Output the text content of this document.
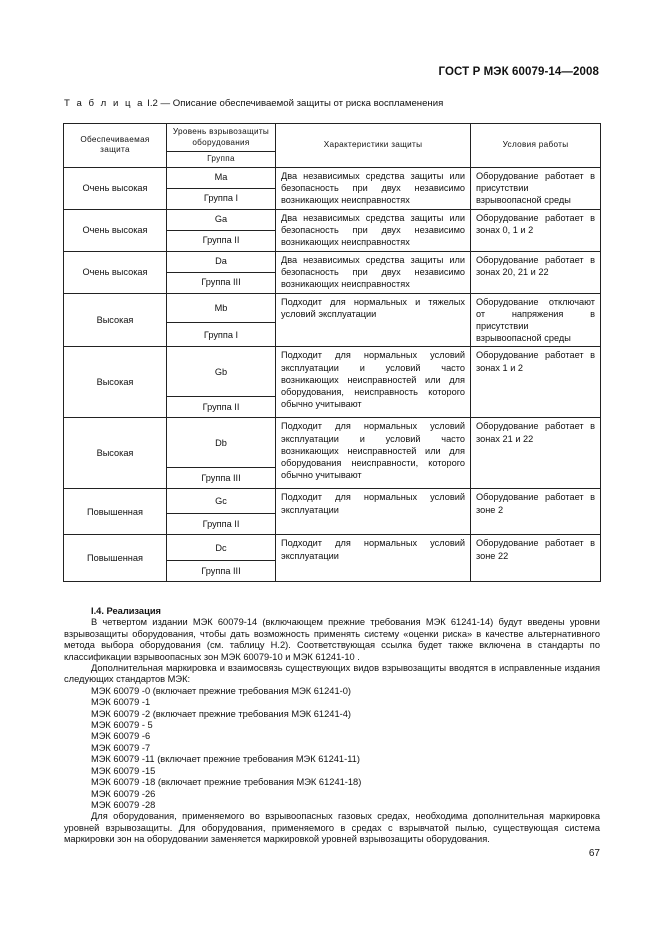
ГОСТ Р МЭК 60079-14—2008
Т а б л и ц а I.2 — Описание обеспечиваемой защиты от риска воспламенения
Обеспечиваемая защита	Уровень взрывозащиты оборудования	Характеристики защиты	Условия работы
	Группа		
Очень высокая	Ma	Два независимых средства защиты или безопасность при двух независимо возникающих неисправностях	Оборудование работает в присутствии взрывоопасной среды
	Группа I		
Очень высокая	Ga	Два независимых средства защиты или безопасность при двух независимо возникающих неисправностях	Оборудование работает в зонах 0, 1 и 2
	Группа II		
Очень высокая	Da	Два независимых средства защиты или безопасность при двух независимо возникающих неисправностях	Оборудование работает в зонах 20, 21 и 22
	Группа III		
Высокая	Mb	Подходит для нормальных и тяжелых условий эксплуатации	Оборудование отключают от напряжения в присутствии взрывоопасной среды
	Группа I		
Высокая	Gb	Подходит для нормальных условий эксплуатации и условий часто возникающих неисправностей или для оборудования, неисправность которого обычно учитывают	Оборудование работает в зонах 1 и 2
	Группа II		
Высокая	Db	Подходит для нормальных условий эксплуатации и условий часто возникающих неисправностей или для оборудования неисправности, которого обычно учитывают	Оборудование работает в зонах 21 и 22
	Группа III		
Повышенная	Gc	Подходит для нормальных условий эксплуатации	Оборудование работает в зоне 2
	Группа II		
Повышенная	Dc	Подходит для нормальных условий эксплуатации	Оборудование работает в зоне 22
	Группа III		

I.4. Реализация

В четвертом издании МЭК 60079-14 (включающем прежние требования МЭК 61241-14) будут введены уровни взрывозащиты оборудования, чтобы дать возможность применять систему «оценки риска» в качестве альтернативного метода выбора оборудования (см. таблицу Н.2). Соответствующая ссылка будет также включена в стандарты по классификации взрывоопасных зон МЭК 60079-10 и МЭК 61241-10 .

Дополнительная маркировка и взаимосвязь существующих видов взрывозащиты вводятся в исправленные издания следующих стандартов МЭК:

МЭК 60079 -0 (включает прежние требования МЭК 61241-0)

МЭК 60079 -1

МЭК 60079 -2 (включает прежние требования МЭК 61241-4)

МЭК 60079 - 5

МЭК 60079 -6

МЭК 60079 -7

МЭК 60079 -11 (включает прежние требования МЭК 61241-11)

МЭК 60079 -15

МЭК 60079 -18 (включает прежние требования МЭК 61241-18)

МЭК 60079 -26

МЭК 60079 -28

Для оборудования, применяемого во взрывоопасных газовых средах, необходима дополнительная маркировка уровней взрывозащиты. Для оборудования, применяемого в средах с взрывчатой пылью, существующая система маркировки зон на оборудовании заменяется маркировкой уровней взрывозащиты оборудования.

67
